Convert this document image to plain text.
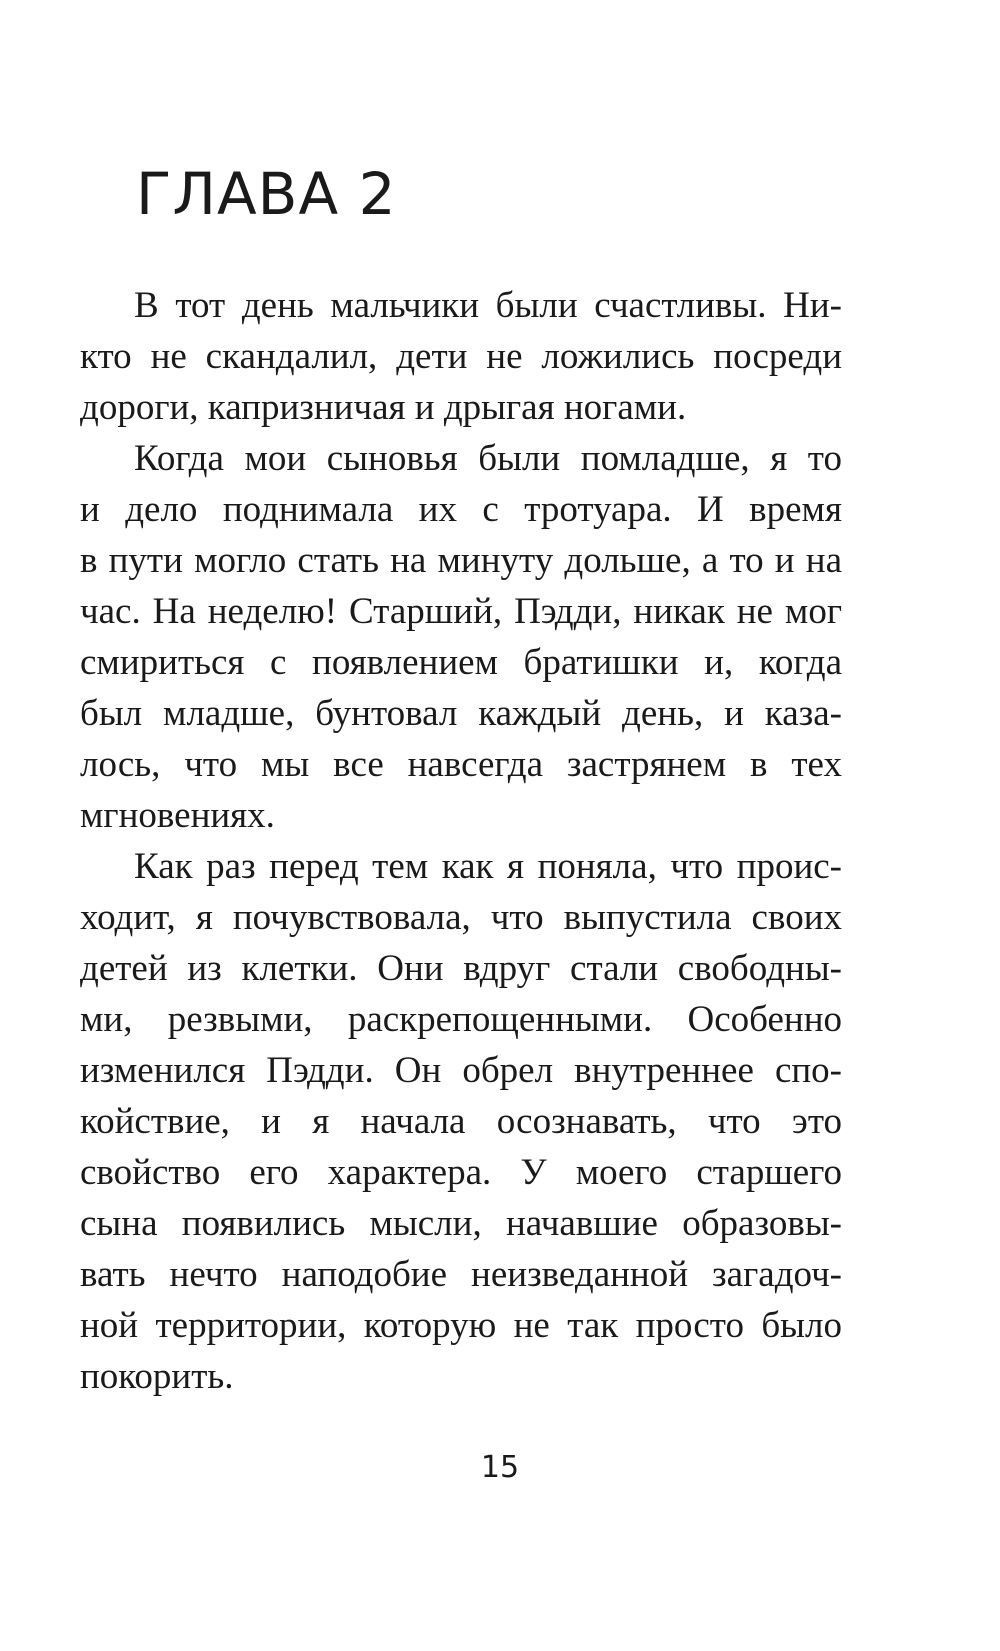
ГЛАВА 2
В тот день мальчики были счастливы. Ни-
кто не скандалил, дети не ложились посреди
дороги, капризничая и дрыгая ногами.
Когда мои сыновья были помладше, я то
и дело поднимала их с тротуара. И время
в пути могло стать на минуту дольше, а то и на
час. На неделю! Старший, Пэдди, никак не мог
смириться с появлением братишки и, когда
был младше, бунтовал каждый день, и каза-
лось, что мы все навсегда застрянем в тех
мгновениях.
Как раз перед тем как я поняла, что проис-
ходит, я почувствовала, что выпустила своих
детей из клетки. Они вдруг стали свободны-
ми, резвыми, раскрепощенными. Особенно
изменился Пэдди. Он обрел внутреннее спо-
койствие, и я начала осознавать, что это
свойство его характера. У моего старшего
сына появились мысли, начавшие образовы-
вать нечто наподобие неизведанной загадоч-
ной территории, которую не так просто было
покорить.
15
